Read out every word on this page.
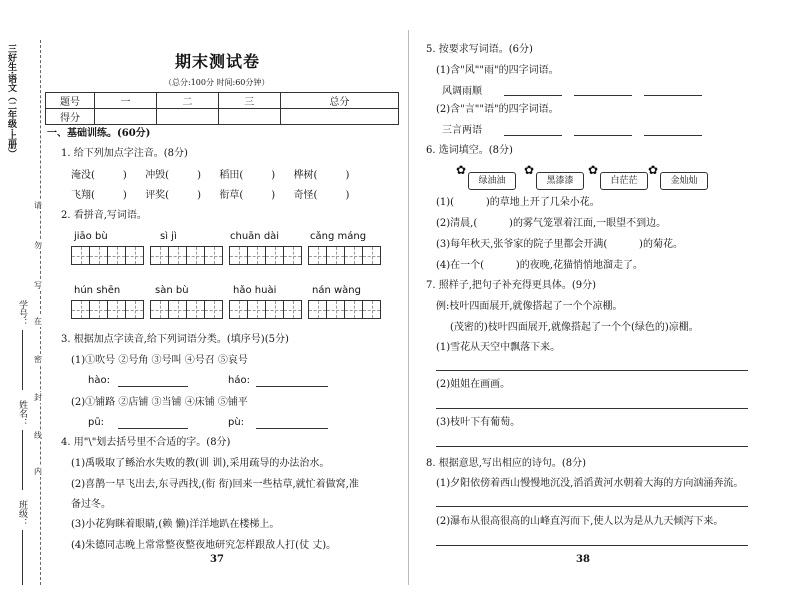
三好生·语文（二年级·上册）
请
勿
写
在
密
封
线
内
学号：
姓名：
班级：
期末测试卷
（总分:100分 时间:60分钟）
题号	一	二	三	总分
得分				
一、基础训练。(60分)
1. 给下列加点字注音。(8分)
淹没(	) 冲毁(	) 稻田(	) 桦树(	)
飞翔(	) 评奖(	) 衔草(	) 奇怪(	)
2. 看拼音,写词语。
jiāo bù	sì jì	chuān dài	cǎng máng
hún shēn	sàn bù	hǎo huài	nán wàng
3. 根据加点字读音,给下列词语分类。(填序号)(5分)
(1)①吹号 ②号角 ③号叫 ④号召 ⑤哀号
hào:	háo:
(2)①铺路 ②店铺 ③当铺 ④床铺 ⑤铺平
pū:	pù:
4. 用"\"划去括号里不合适的字。(8分)
(1)禹吸取了鲧治水失败的教(训 训),采用疏导的办法治水。
(2)喜鹊一早飞出去,东寻西找,(衔 衔)回来一些枯草,就忙着做窝,准
备过冬。
(3)小花狗眯着眼睛,(赖 懒)洋洋地趴在楼梯上。
(4)朱德同志晚上常常整夜整夜地研究怎样跟敌人打(仗 丈)。
37
5. 按要求写词语。(6分)
(1)含"风""雨"的四字词语。
风调雨顺
(2)含"言""语"的四字词语。
三言两语
6. 选词填空。(8分)
✿
绿油油
✿
黑漆漆
✿
白茫茫
✿
金灿灿
(1)(          )的草地上开了几朵小花。
(2)清晨,(          )的雾气笼罩着江面,一眼望不到边。
(3)每年秋天,张爷家的院子里都会开满(          )的菊花。
(4)在一个(          )的夜晚,花猫悄悄地溜走了。
7. 照样子,把句子补充得更具体。(9分)
例:枝叶四面展开,就像搭起了一个个凉棚。
(茂密的)枝叶四面展开,就像搭起了一个个(绿色的)凉棚。
(1)雪花从天空中飘落下来。
(2)姐姐在画画。
(3)枝叶下有葡萄。
8. 根据意思,写出相应的诗句。(8分)
(1)夕阳依傍着西山慢慢地沉没,滔滔黄河水朝着大海的方向汹涌奔流。
(2)瀑布从很高很高的山峰直泻而下,使人以为是从九天倾泻下来。
38
